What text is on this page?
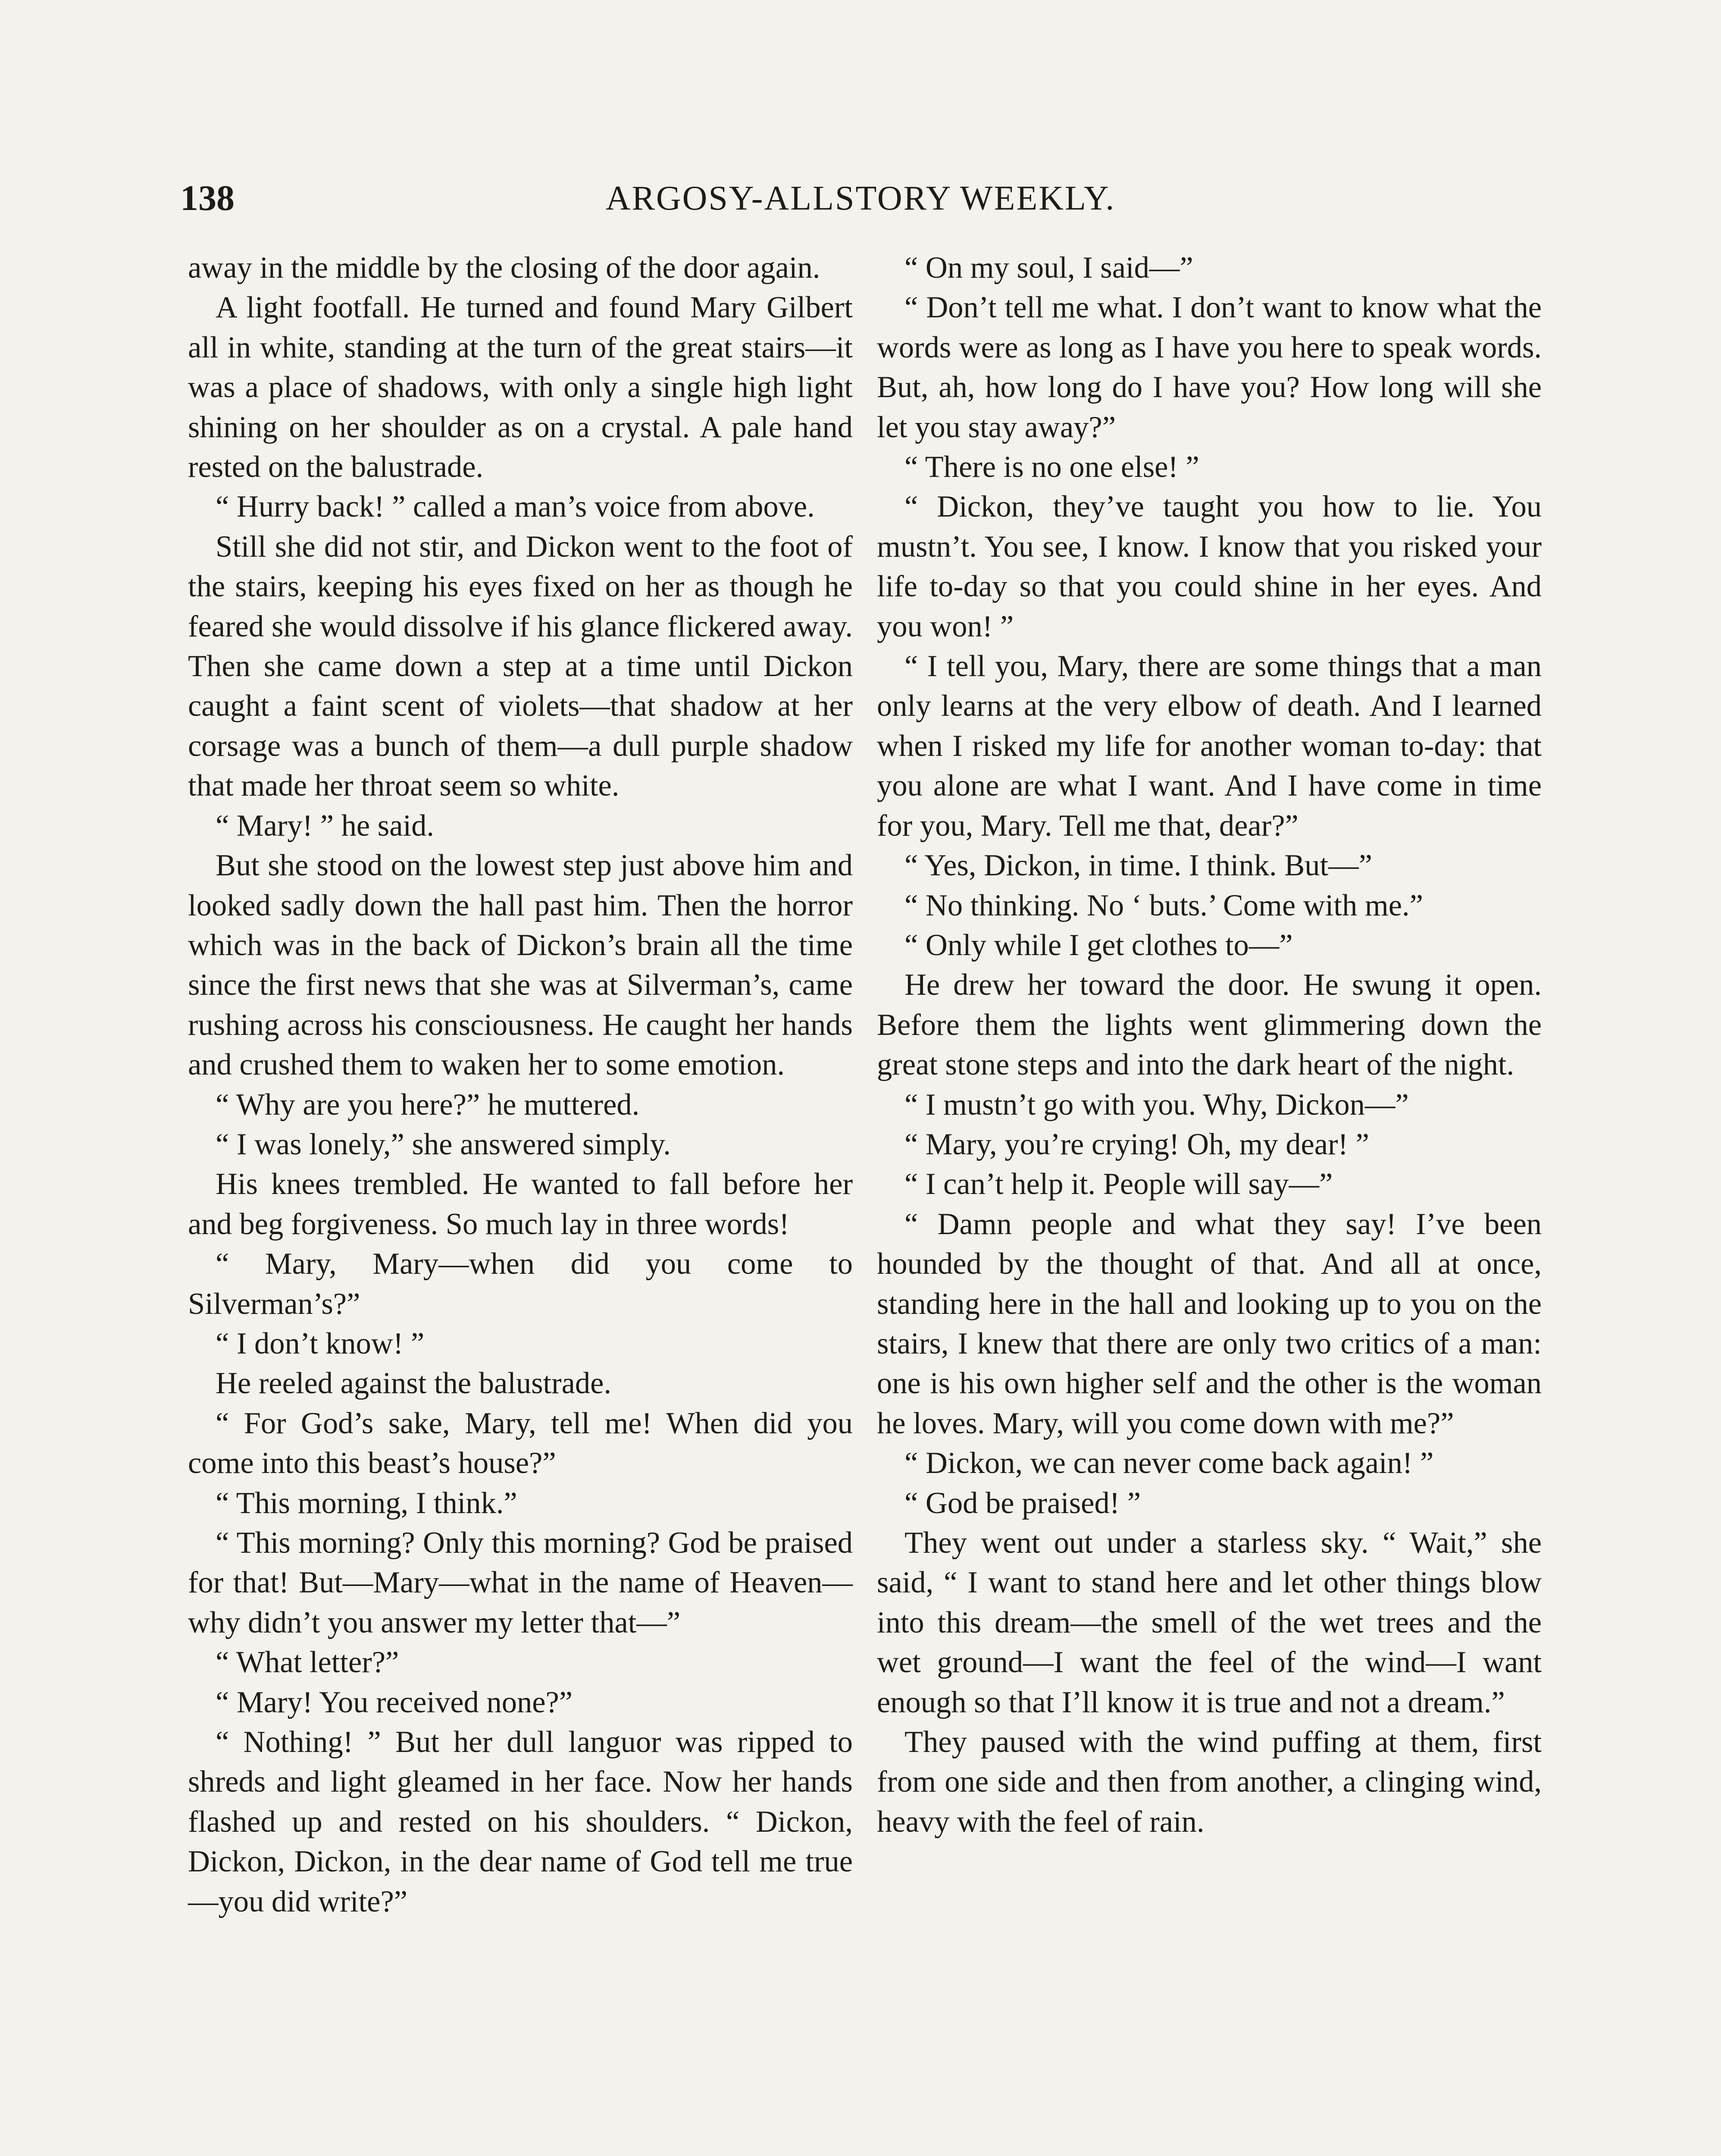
138	ARGOSY-ALLSTORY WEEKLY.

away in the middle by the closing of the door again.

A light footfall. He turned and found Mary Gilbert all in white, standing at the turn of the great stairs—it was a place of shadows, with only a single high light shining on her shoulder as on a crystal. A pale hand rested on the balustrade.

“ Hurry back! ” called a man’s voice from above.

Still she did not stir, and Dickon went to the foot of the stairs, keeping his eyes fixed on her as though he feared she would dissolve if his glance flickered away. Then she came down a step at a time until Dickon caught a faint scent of violets—that shadow at her corsage was a bunch of them—a dull purple shadow that made her throat seem so white.

“ Mary! ” he said.

But she stood on the lowest step just above him and looked sadly down the hall past him. Then the horror which was in the back of Dickon’s brain all the time since the first news that she was at Silverman’s, came rushing across his consciousness. He caught her hands and crushed them to waken her to some emotion.

“ Why are you here?” he muttered.

“ I was lonely,” she answered simply.

His knees trembled. He wanted to fall before her and beg forgiveness. So much lay in three words!

“ Mary, Mary—when did you come to Silverman’s?”

“ I don’t know! ”

He reeled against the balustrade.

“ For God’s sake, Mary, tell me! When did you come into this beast’s house?”

“ This morning, I think.”

“ This morning? Only this morning? God be praised for that! But—Mary—what in the name of Heaven—why didn’t you answer my letter that—”

“ What letter?”

“ Mary! You received none?”

“ Nothing! ” But her dull languor was ripped to shreds and light gleamed in her face. Now her hands flashed up and rested on his shoulders. “ Dickon, Dickon, Dickon, in the dear name of God tell me true—you did write?”

“ On my soul, I said—”

“ Don’t tell me what. I don’t want to know what the words were as long as I have you here to speak words. But, ah, how long do I have you? How long will she let you stay away?”

“ There is no one else! ”

“ Dickon, they’ve taught you how to lie. You mustn’t. You see, I know. I know that you risked your life to-day so that you could shine in her eyes. And you won! ”

“ I tell you, Mary, there are some things that a man only learns at the very elbow of death. And I learned when I risked my life for another woman to-day: that you alone are what I want. And I have come in time for you, Mary. Tell me that, dear?”

“ Yes, Dickon, in time. I think. But—”

“ No thinking. No ‘ buts.’ Come with me.”

“ Only while I get clothes to—”

He drew her toward the door. He swung it open. Before them the lights went glimmering down the great stone steps and into the dark heart of the night.

“ I mustn’t go with you. Why, Dickon—”

“ Mary, you’re crying! Oh, my dear! ”

“ I can’t help it. People will say—”

“ Damn people and what they say! I’ve been hounded by the thought of that. And all at once, standing here in the hall and looking up to you on the stairs, I knew that there are only two critics of a man: one is his own higher self and the other is the woman he loves. Mary, will you come down with me?”

“ Dickon, we can never come back again! ”

“ God be praised! ”

They went out under a starless sky. “ Wait,” she said, “ I want to stand here and let other things blow into this dream—the smell of the wet trees and the wet ground—I want the feel of the wind—I want enough so that I’ll know it is true and not a dream.”

They paused with the wind puffing at them, first from one side and then from another, a clinging wind, heavy with the feel of rain.
